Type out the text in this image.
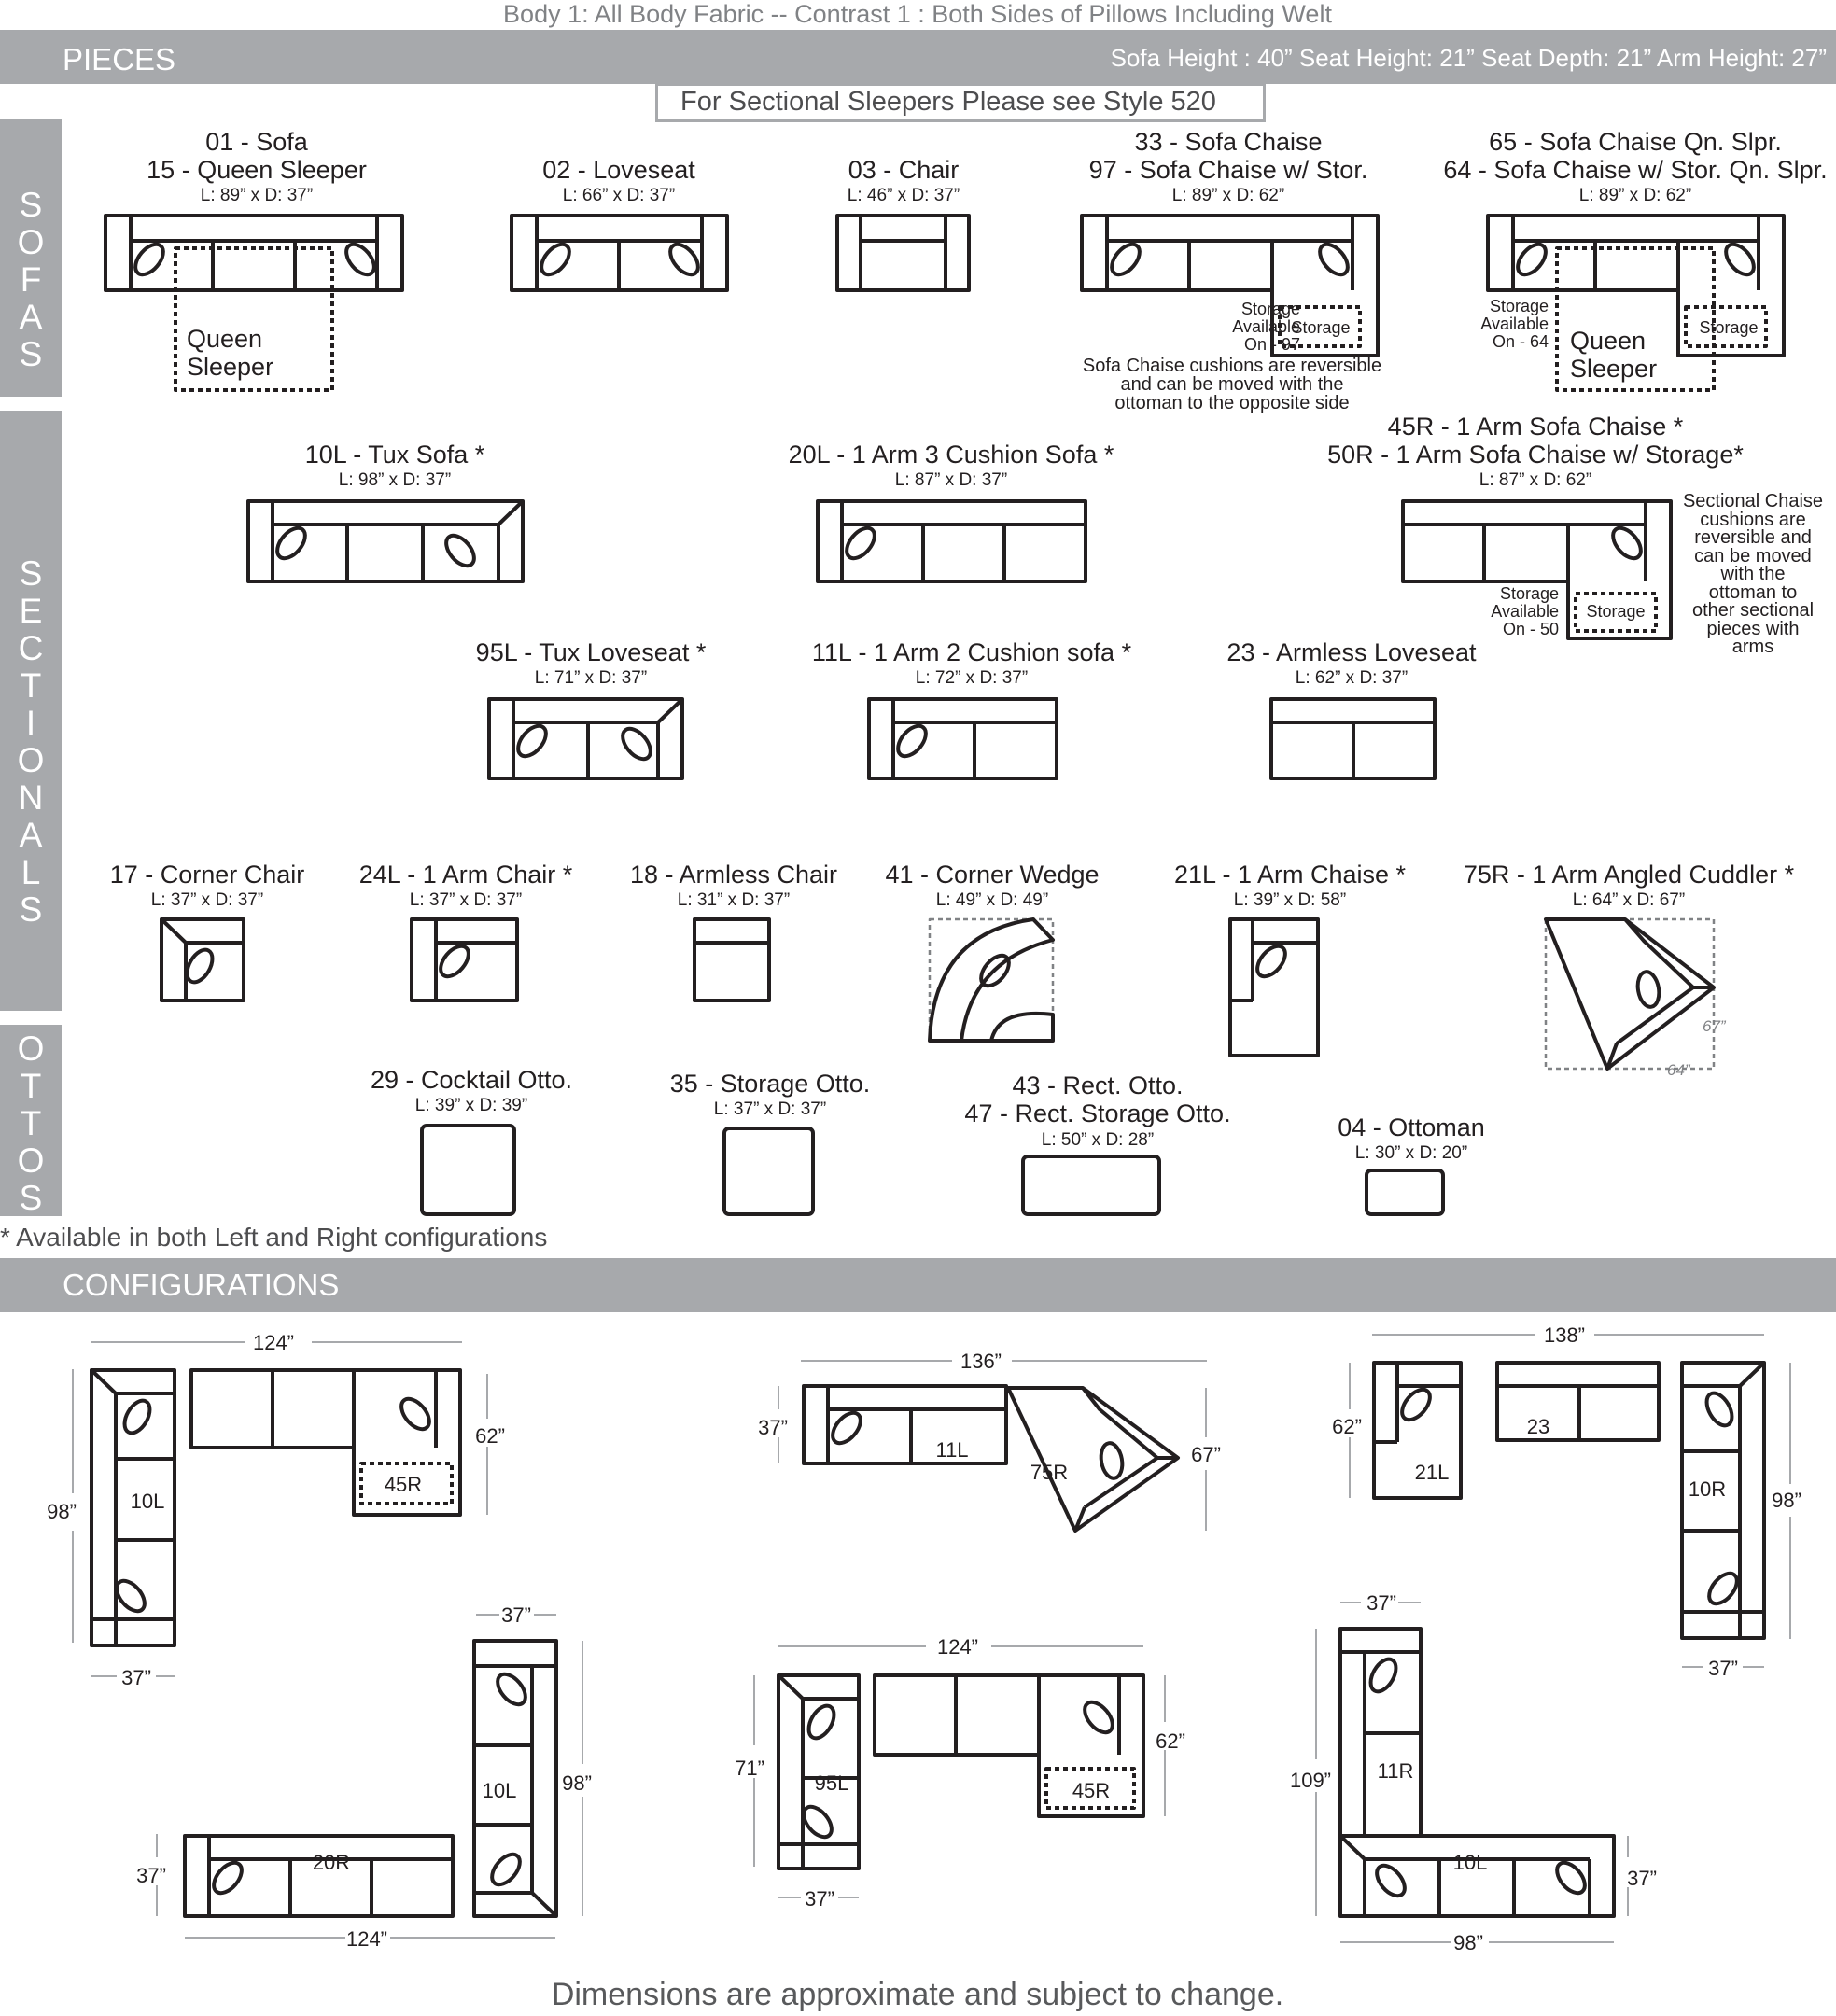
Body 1: All Body Fabric -- Contrast 1 : Both Sides of Pillows Including Welt
PIECES	Sofa Height : 40” Seat Height: 21” Seat Depth: 21” Arm Height: 27”
For Sectional Sleepers Please see Style 520
S
O
F
A
S
S
E
C
T
I
O
N
A
L
S
O
T
T
O
S
01 - Sofa
15 - Queen Sleeper
L: 89” x D: 37”
Queen
Sleeper
02 - Loveseat
L: 66” x D: 37”
03 - Chair
L: 46” x D: 37”
33 - Sofa Chaise
97 - Sofa Chaise w/ Stor.
L: 89” x D: 62”
Storage
Available
On - 97
Storage
Sofa Chaise cushions are reversible
and can be moved with the
ottoman to the opposite side
65 - Sofa Chaise Qn. Slpr.
64 - Sofa Chaise w/ Stor. Qn. Slpr.
L: 89” x D: 62”
Storage
Available
On - 64 Queen
Sleeper
Storage
10L - Tux Sofa *
L: 98” x D: 37”
20L - 1 Arm 3 Cushion Sofa *
L: 87” x D: 37”
45R - 1 Arm Sofa Chaise *
50R - 1 Arm Sofa Chaise w/ Storage*
L: 87” x D: 62”
Storage
Available
On - 50
Storage
Sectional Chaise
cushions are
reversible and
can be moved
with the
ottoman to
other sectional
pieces with
arms
95L - Tux Loveseat *
L: 71” x D: 37”
11L - 1 Arm 2 Cushion sofa *
L: 72” x D: 37”
23 - Armless Loveseat
L: 62” x D: 37”
17 - Corner Chair
L: 37” x D: 37”
24L - 1 Arm Chair *
L: 37” x D: 37”
18 - Armless Chair
L: 31” x D: 37”
41 - Corner Wedge
L: 49” x D: 49”
21L - 1 Arm Chaise *
L: 39” x D: 58”
75R - 1 Arm Angled Cuddler *
L: 64” x D: 67”
67”
64”
29 - Cocktail Otto.
L: 39” x D: 39”
35 - Storage Otto.
L: 37” x D: 37”
43 - Rect. Otto.
47 - Rect. Storage Otto.
L: 50” x D: 28”	04 - Ottoman
L: 30” x D: 20”
* Available in both Left and Right configurations
CONFIGURATIONS
124”
98”
62”
37”
10L
45R
136”
37”
67”
11L
75R
138”
62”
98”
37”
23
21L
10R
37”
98”
37”
124”
10L
20R
124”
71”
62”
37”
95L	45R
37”
109”
37”
98”
11R
10L
Dimensions are approximate and subject to change.
